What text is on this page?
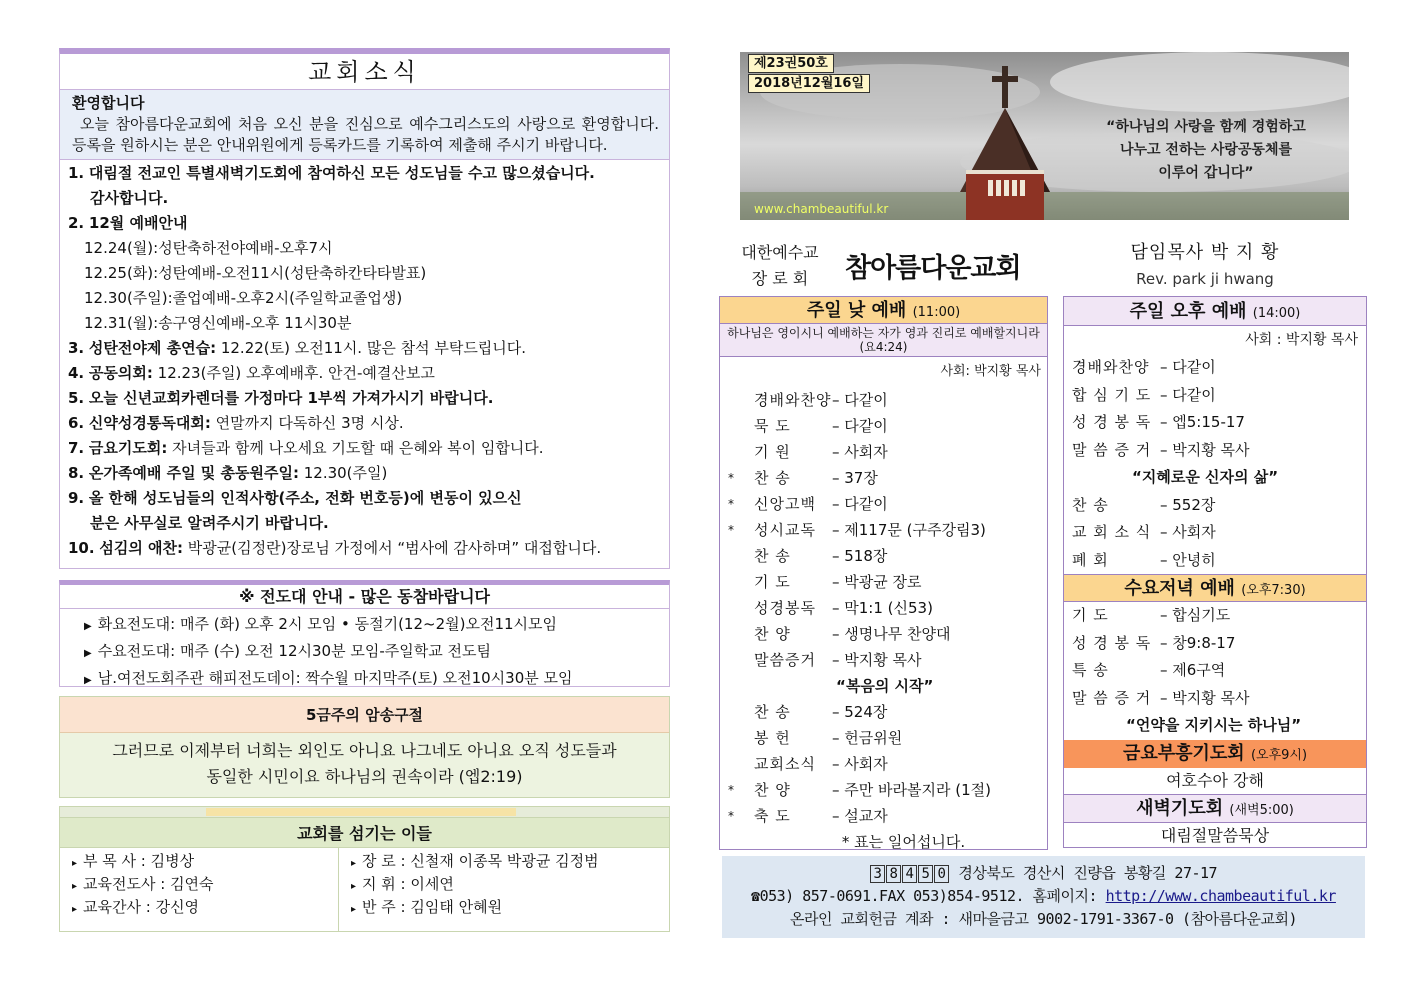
교회소식
환영합니다
오늘 참아름다운교회에 처음 오신 분을 진심으로 예수그리스도의 사랑으로 환영합니다. 등록을 원하시는 분은 안내위원에게 등록카드를 기록하여 제출해 주시기 바랍니다.
1. 대림절 전교인 특별새벽기도회에 참여하신 모든 성도님들 수고 많으셨습니다.
감사합니다.
2. 12월 예배안내
12.24(월):성탄축하전야예배-오후7시
12.25(화):성탄예배-오전11시(성탄축하칸타타발표)
12.30(주일):졸업예배-오후2시(주일학교졸업생)
12.31(월):송구영신예배-오후 11시30분
3. 성탄전야제 총연습: 12.22(토) 오전11시. 많은 참석 부탁드립니다.
4. 공동의회: 12.23(주일) 오후예배후. 안건-예결산보고
5. 오늘 신년교회카렌더를 가정마다 1부씩 가져가시기 바랍니다.
6. 신약성경통독대회: 연말까지 다독하신 3명 시상.
7. 금요기도회: 자녀들과 함께 나오세요 기도할 때 은혜와 복이 임합니다.
8. 온가족예배 주일 및 총동원주일: 12.30(주일)
9. 올 한해 성도님들의 인적사항(주소, 전화 번호등)에 변동이 있으신
분은 사무실로 알려주시기 바랍니다.
10. 섬김의 애찬: 박광균(김정란)장로님 가정에서 “범사에 감사하며” 대접합니다.
※ 전도대 안내 - 많은 동참바랍니다
▶ 화요전도대: 매주 (화) 오후 2시 모임 • 동절기(12~2월)오전11시모임
▶ 수요전도대: 매주 (수) 오전 12시30분 모임-주일학교 전도팀
▶ 남.여전도회주관 해피전도데이: 짝수월 마지막주(토) 오전10시30분 모임
5금주의 암송구절
그러므로 이제부터 너희는 외인도 아니요 나그네도 아니요 오직 성도들과
동일한 시민이요 하나님의 권속이라 (엡2:19)
교회를 섬기는 이들
▸ 부 목 사 : 김병상
▸ 교육전도사 : 김연숙
▸ 교육간사 : 강신영
▸ 장 로 : 신철재 이종목 박광균 김정범
▸ 지 휘 : 이세연
▸ 반 주 : 김임태 안혜원
제23권50호
2018년12월16일
“하나님의 사랑을 함께 경험하고
나누고 전하는 사랑공동체를
이루어 갑니다”
www.chambeautiful.kr
대한예수교
장 로 회	참아름다운교회
담임목사 박 지 황
Rev. park ji hwang
주일 낮 예배 (11:00)
하나님은 영이시니 예배하는 자가 영과 진리로 예배할지니라(요4:24)
사회: 박지황 목사
경배와찬양 – 다같이
묵 도	– 다같이
기 원	– 사회자
*	찬 송	– 37장
*	신앙고백	– 다같이
*	성시교독	– 제117문 (구주강림3)
찬 송	– 518장
기 도	– 박광균 장로
성경봉독	– 막1:1 (신53)
찬 양	– 생명나무 찬양대
말씀증거	– 박지황 목사
“복음의 시작”
찬 송	– 524장
봉 헌	– 헌금위원
교회소식	– 사회자
*	찬 양	– 주만 바라볼지라 (1절)
*	축 도	– 설교자
* 표는 일어섭니다.
주일 오후 예배 (14:00)
사회 : 박지황 목사
경배와찬양 – 다같이
합 심 기 도 – 다같이
성 경 봉 독 – 엡5:15-17
말 씀 증 거 – 박지황 목사
“지혜로운 신자의 삶”
찬 송	– 552장
교 회 소 식 – 사회자
폐 회	– 안녕히
수요저녁 예배 (오후7:30)
기 도	– 합심기도
성 경 봉 독 – 창9:8-17
특 송	– 제6구역
말 씀 증 거 – 박지황 목사
“언약을 지키시는 하나님”
금요부흥기도회 (오후9시)
여호수아 강해
새벽기도회 (새벽5:00)
대림절말씀묵상
3 8 4 5 0 경상북도 경산시 진량읍 봉황길 27-17
☎053) 857-0691.FAX 053)854-9512. 홈페이지: http://www.chambeautiful.kr
온라인 교회헌금 계좌 : 새마을금고 9002-1791-3367-0 (참아름다운교회)
